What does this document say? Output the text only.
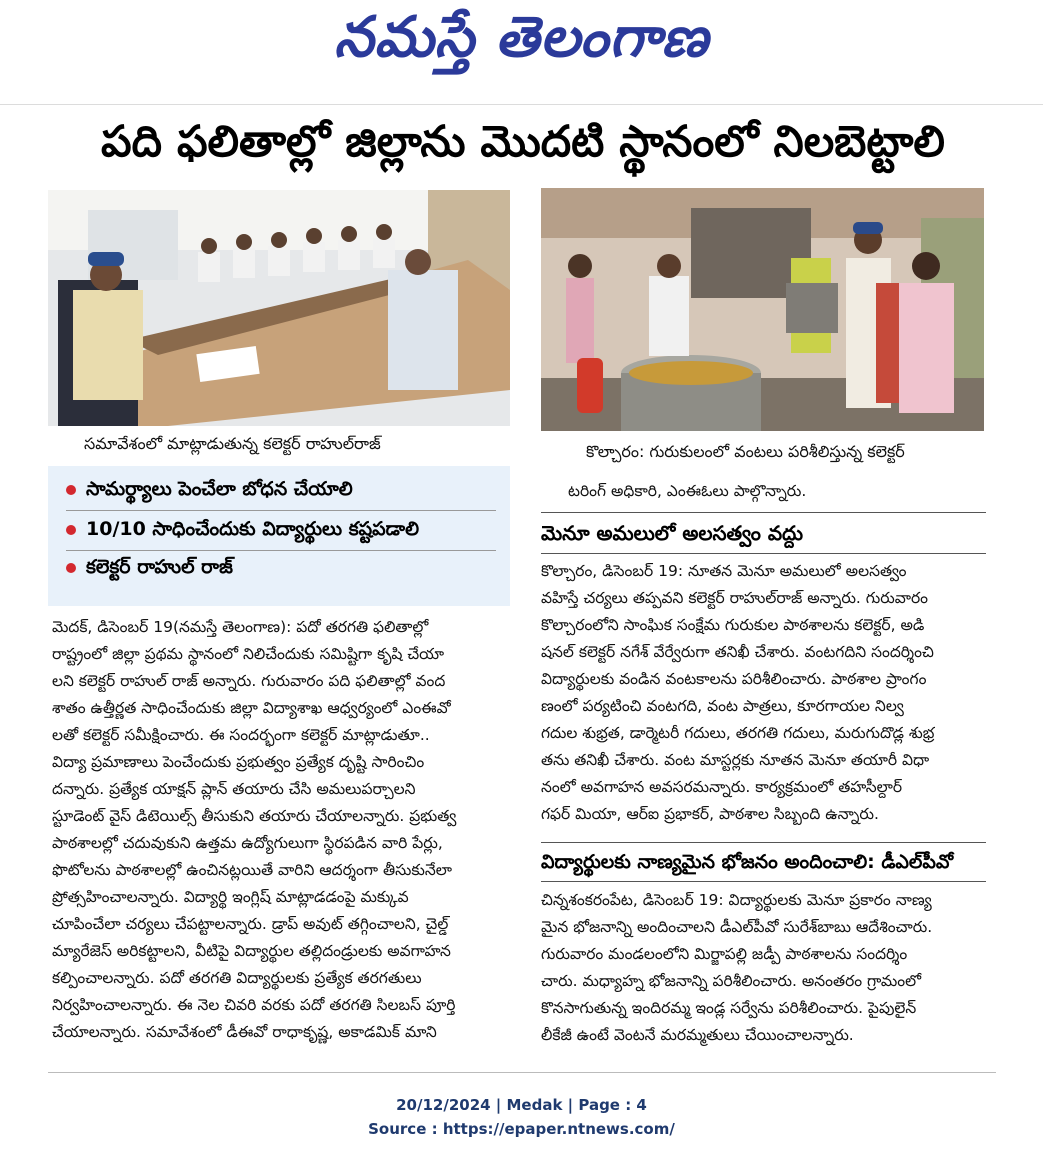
నమస్తే తెలంగాణ
పది ఫలితాల్లో జిల్లాను మొదటి స్థానంలో నిలబెట్టాలి
సమావేశంలో మాట్లాడుతున్న కలెక్టర్ రాహుల్‌రాజ్	కొల్చారం: గురుకులంలో వంటలు పరిశీలిస్తున్న కలెక్టర్
సామర్థ్యాలు పెంచేలా బోధన చేయాలి
10/10 సాధించేందుకు విద్యార్థులు కష్టపడాలి
కలెక్టర్ రాహుల్ రాజ్

మెదక్, డిసెంబర్ 19(నమస్తే తెలంగాణ): పదో తరగతి ఫలితాల్లో

రాష్ట్రంలో జిల్లా ప్రథమ స్థానంలో నిలిచేందుకు సమిష్టిగా కృషి చేయా

లని కలెక్టర్ రాహుల్ రాజ్ అన్నారు. గురువారం పది ఫలితాల్లో వంద

శాతం ఉత్తీర్ణత సాధించేందుకు జిల్లా విద్యాశాఖ ఆధ్వర్యంలో ఎంఈవో

లతో కలెక్టర్ సమీక్షించారు. ఈ సందర్భంగా కలెక్టర్ మాట్లాడుతూ..

విద్యా ప్రమాణాలు పెంచేందుకు ప్రభుత్వం ప్రత్యేక దృష్టి సారించిం

దన్నారు. ప్రత్యేక యాక్షన్ ప్లాన్ తయారు చేసి అమలుపర్చాలని

స్టూడెంట్ వైస్ డిటెయిల్స్ తీసుకుని తయారు చేయాలన్నారు. ప్రభుత్వ

పాఠశాలల్లో చదువుకుని ఉత్తమ ఉద్యోగులుగా స్థిరపడిన వారి పేర్లు,

ఫొటోలను పాఠశాలల్లో ఉంచినట్లయితే వారిని ఆదర్శంగా తీసుకునేలా

ప్రోత్సహించాలన్నారు. విద్యార్థి ఇంగ్లిష్ మాట్లాడడంపై మక్కువ

చూపించేలా చర్యలు చేపట్టాలన్నారు. డ్రాప్ అవుట్ తగ్గించాలని, చైల్డ్

మ్యారేజెస్ అరికట్టాలని, వీటిపై విద్యార్థుల తల్లిదండ్రులకు అవగాహన

కల్పించాలన్నారు. పదో తరగతి విద్యార్థులకు ప్రత్యేక తరగతులు

నిర్వహించాలన్నారు. ఈ నెల చివరి వరకు పదో తరగతి సిలబస్ పూర్తి

చేయాలన్నారు. సమావేశంలో డీఈవో రాధాకృష్ణ, అకాడమిక్ మాని

టరింగ్ అధికారి, ఎంఈఓలు పాల్గొన్నారు.

మెనూ అమలులో అలసత్వం వద్దు

కొల్చారం, డిసెంబర్ 19: నూతన మెనూ అమలులో అలసత్వం

వహిస్తే చర్యలు తప్పవని కలెక్టర్ రాహుల్‌రాజ్ అన్నారు. గురువారం

కొల్చారంలోని సాంఘిక సంక్షేమ గురుకుల పాఠశాలను కలెక్టర్, అడి

షనల్ కలెక్టర్ నగేశ్ వేర్వేరుగా తనిఖీ చేశారు. వంటగదిని సందర్శించి

విద్యార్థులకు వండిన వంటకాలను పరిశీలించారు. పాఠశాల ప్రాంగం

ణంలో పర్యటించి వంటగది, వంట పాత్రలు, కూరగాయల నిల్వ

గదుల శుభ్రత, డార్మెటరీ గదులు, తరగతి గదులు, మరుగుదొడ్ల శుభ్ర

తను తనిఖీ చేశారు. వంట మాస్టర్లకు నూతన మెనూ తయారీ విధా

నంలో అవగాహన అవసరమన్నారు. కార్యక్రమంలో తహసీల్దార్

గఫర్ మియా, ఆర్ఐ ప్రభాకర్, పాఠశాల సిబ్బంది ఉన్నారు.

విద్యార్థులకు నాణ్యమైన భోజనం అందించాలి: డీఎల్‌పీవో

చిన్నశంకరంపేట, డిసెంబర్ 19: విద్యార్థులకు మెనూ ప్రకారం నాణ్య

మైన భోజనాన్ని అందించాలని డీఎల్‌పీవో సురేశ్‌బాబు ఆదేశించారు.

గురువారం మండలంలోని మిర్జాపల్లి జడ్పీ పాఠశాలను సందర్శిం

చారు. మధ్యాహ్న భోజనాన్ని పరిశీలించారు. అనంతరం గ్రామంలో

కొనసాగుతున్న ఇందిరమ్మ ఇండ్ల సర్వేను పరిశీలించారు. పైపులైన్

లీకేజీ ఉంటే వెంటనే మరమ్మతులు చేయించాలన్నారు.

20/12/2024 | Medak | Page : 4
Source : https://epaper.ntnews.com/
